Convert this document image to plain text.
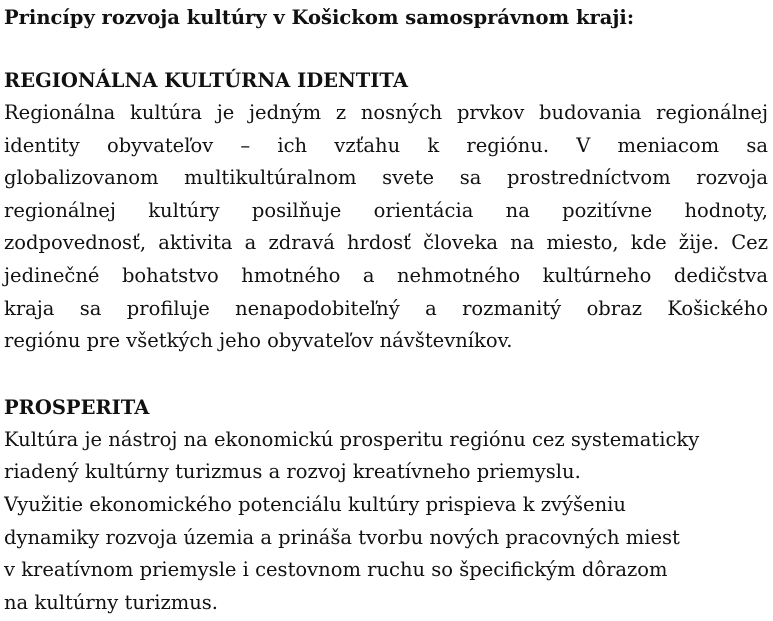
Princípy rozvoja kultúry v Košickom samosprávnom kraji:
REGIONÁLNA KULTÚRNA IDENTITA
Regionálna kultúra je jedným z nosných prvkov budovania regionálnej
identity obyvateľov – ich vzťahu k regiónu. V meniacom sa
globalizovanom multikultúralnom svete sa prostredníctvom rozvoja
regionálnej kultúry posilňuje orientácia na pozitívne hodnoty,
zodpovednosť, aktivita a zdravá hrdosť človeka na miesto, kde žije. Cez
jedinečné bohatstvo hmotného a nehmotného kultúrneho dedičstva
kraja sa profiluje nenapodobiteľný a rozmanitý obraz Košického
regiónu pre všetkých jeho obyvateľov návštevníkov.
PROSPERITA
Kultúra je nástroj na ekonomickú prosperitu regiónu cez systematicky
riadený kultúrny turizmus a rozvoj kreatívneho priemyslu.
Využitie ekonomického potenciálu kultúry prispieva k zvýšeniu
dynamiky rozvoja územia a prináša tvorbu nových pracovných miest
v kreatívnom priemysle i cestovnom ruchu so špecifickým dôrazom
na kultúrny turizmus.
